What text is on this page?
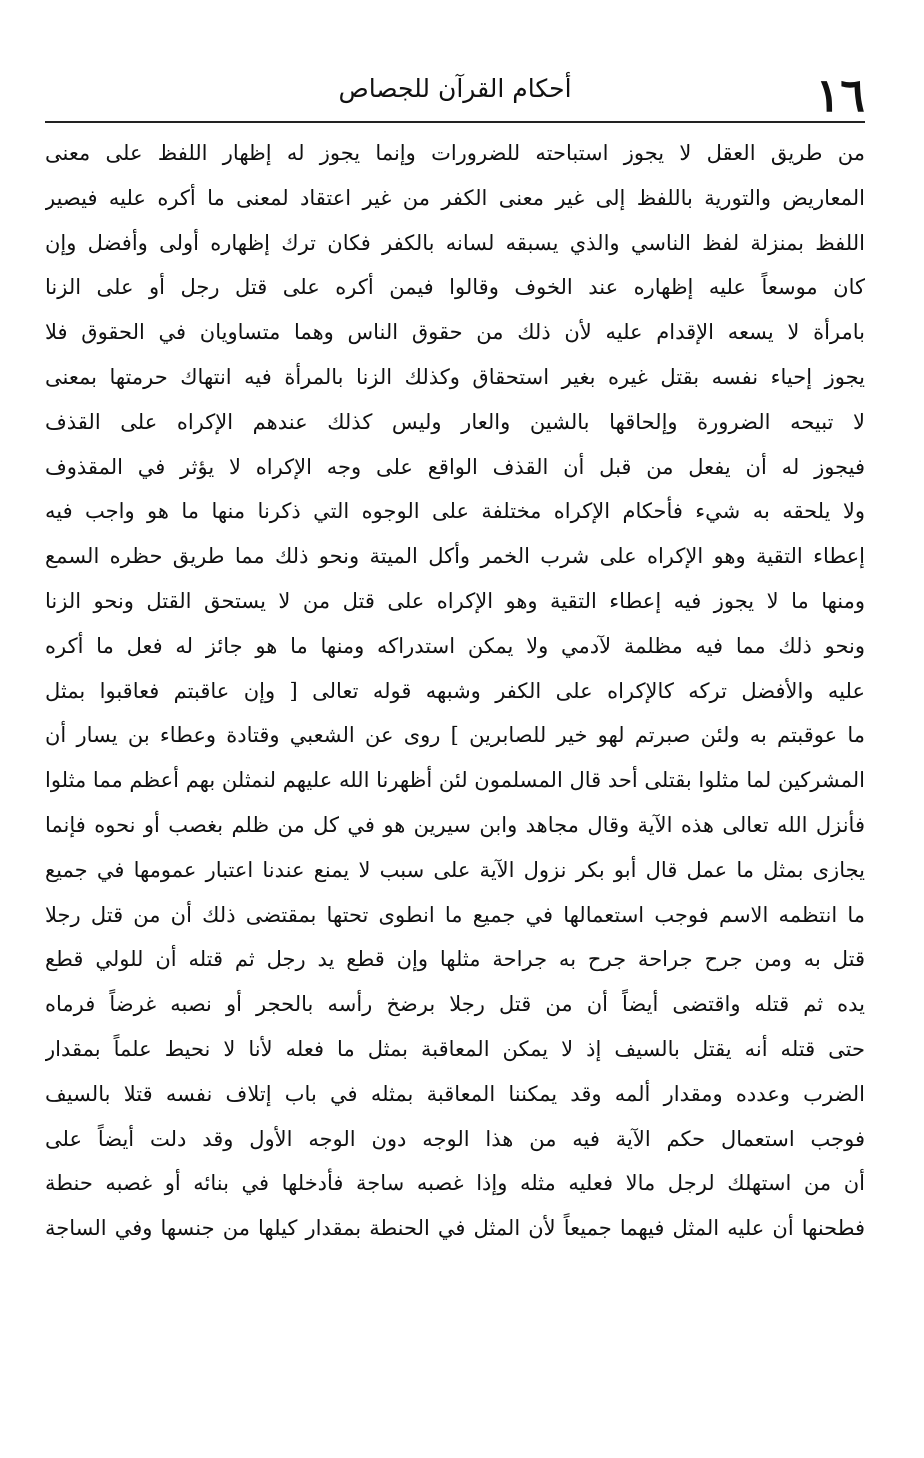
١٦
أحكام القرآن للجصاص
من طريق العقل لا يجوز استباحته للضرورات وإنما يجوز له إظهار اللفظ على معنى
المعاريض والتورية باللفظ إلى غير معنى الكفر من غير اعتقاد لمعنى ما أكره عليه فيصير
اللفظ بمنزلة لفظ الناسي والذي يسبقه لسانه بالكفر فكان ترك إظهاره أولى وأفضل وإن
كان موسعاً عليه إظهاره عند الخوف وقالوا فيمن أكره على قتل رجل أو على الزنا
بامرأة لا يسعه الإقدام عليه لأن ذلك من حقوق الناس وهما متساويان في الحقوق فلا
يجوز إحياء نفسه بقتل غيره بغير استحقاق وكذلك الزنا بالمرأة فيه انتهاك حرمتها بمعنى
لا تبيحه الضرورة وإلحاقها بالشين والعار وليس كذلك عندهم الإكراه على القذف
فيجوز له أن يفعل من قبل أن القذف الواقع على وجه الإكراه لا يؤثر في المقذوف
ولا يلحقه به شيء فأحكام الإكراه مختلفة على الوجوه التي ذكرنا منها ما هو واجب فيه
إعطاء التقية وهو الإكراه على شرب الخمر وأكل الميتة ونحو ذلك مما طريق حظره السمع
ومنها ما لا يجوز فيه إعطاء التقية وهو الإكراه على قتل من لا يستحق القتل ونحو الزنا
ونحو ذلك مما فيه مظلمة لآدمي ولا يمكن استدراكه ومنها ما هو جائز له فعل ما أكره
عليه والأفضل تركه كالإكراه على الكفر وشبهه قوله تعالى [ وإن عاقبتم فعاقبوا بمثل
ما عوقبتم به ولئن صبرتم لهو خير للصابرين ] روى عن الشعبي وقتادة وعطاء بن يسار أن
المشركين لما مثلوا بقتلى أحد قال المسلمون لئن أظهرنا الله عليهم لنمثلن بهم أعظم مما مثلوا
فأنزل الله تعالى هذه الآية وقال مجاهد وابن سيرين هو في كل من ظلم بغصب أو نحوه فإنما
يجازى بمثل ما عمل قال أبو بكر نزول الآية على سبب لا يمنع عندنا اعتبار عمومها في جميع
ما انتظمه الاسم فوجب استعمالها في جميع ما انطوى تحتها بمقتضى ذلك أن من قتل رجلا
قتل به ومن جرح جراحة جرح به جراحة مثلها وإن قطع يد رجل ثم قتله أن للولي قطع
يده ثم قتله واقتضى أيضاً أن من قتل رجلا برضخ رأسه بالحجر أو نصبه غرضاً فرماه
حتى قتله أنه يقتل بالسيف إذ لا يمكن المعاقبة بمثل ما فعله لأنا لا نحيط علماً بمقدار
الضرب وعدده ومقدار ألمه وقد يمكننا المعاقبة بمثله في باب إتلاف نفسه قتلا بالسيف
فوجب استعمال حكم الآية فيه من هذا الوجه دون الوجه الأول وقد دلت أيضاً على
أن من استهلك لرجل مالا فعليه مثله وإذا غصبه ساجة فأدخلها في بنائه أو غصبه حنطة
فطحنها أن عليه المثل فيهما جميعاً لأن المثل في الحنطة بمقدار كيلها من جنسها وفي الساجة
